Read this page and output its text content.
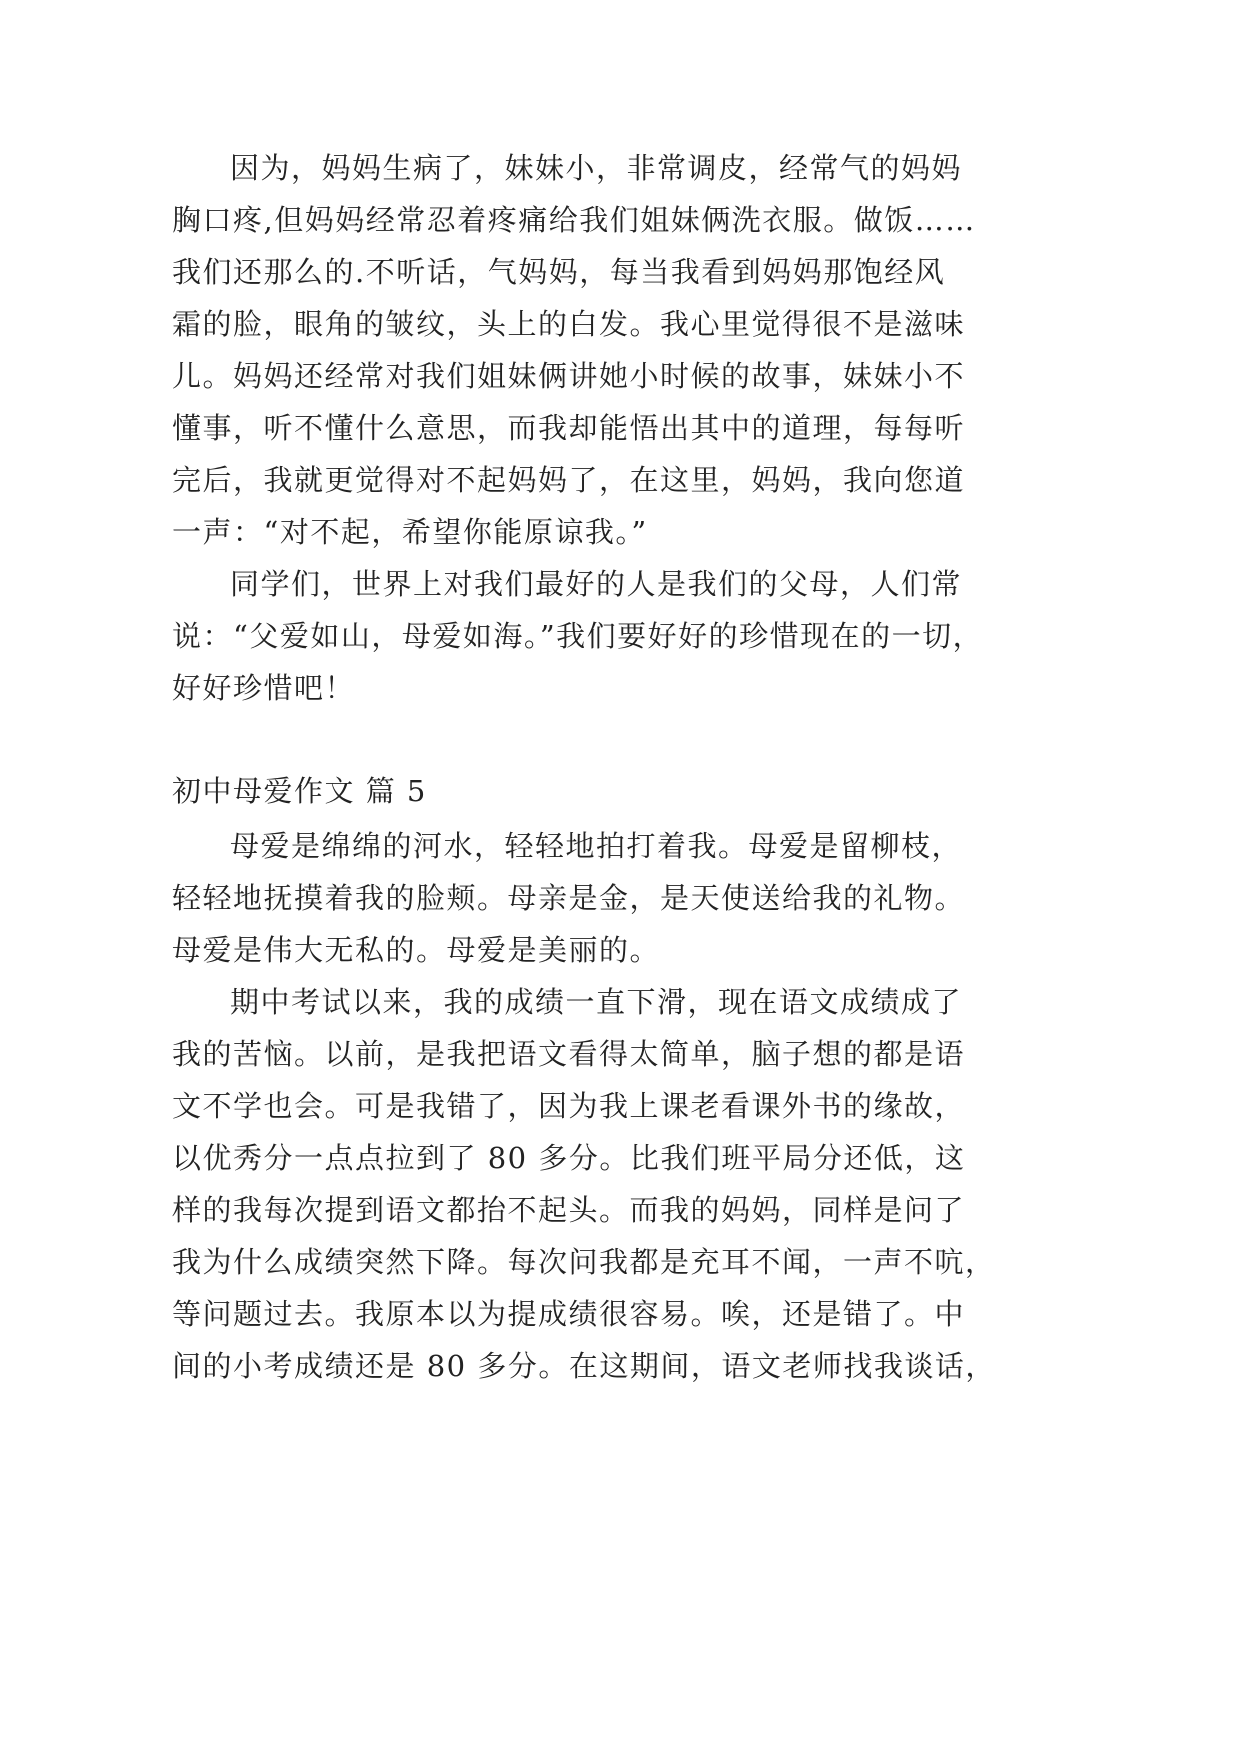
因为，妈妈生病了，妹妹小，非常调皮，经常气的妈妈
胸口疼,但妈妈经常忍着疼痛给我们姐妹俩洗衣服。做饭……
我们还那么的.不听话，气妈妈，每当我看到妈妈那饱经风
霜的脸，眼角的皱纹，头上的白发。我心里觉得很不是滋味
儿。妈妈还经常对我们姐妹俩讲她小时候的故事，妹妹小不
懂事，听不懂什么意思，而我却能悟出其中的道理，每每听
完后，我就更觉得对不起妈妈了，在这里，妈妈，我向您道
一声：“对不起，希望你能原谅我。”
同学们，世界上对我们最好的人是我们的父母，人们常
说：“父爱如山，母爱如海。”我们要好好的珍惜现在的一切，
好好珍惜吧！
初中母爱作文 篇 5
母爱是绵绵的河水，轻轻地拍打着我。母爱是留柳枝，
轻轻地抚摸着我的脸颊。母亲是金，是天使送给我的礼物。
母爱是伟大无私的。母爱是美丽的。
期中考试以来，我的成绩一直下滑，现在语文成绩成了
我的苦恼。以前，是我把语文看得太简单，脑子想的都是语
文不学也会。可是我错了，因为我上课老看课外书的缘故，
以优秀分一点点拉到了 80 多分。比我们班平局分还低，这
样的我每次提到语文都抬不起头。而我的妈妈，同样是问了
我为什么成绩突然下降。每次问我都是充耳不闻，一声不吭，
等问题过去。我原本以为提成绩很容易。唉，还是错了。中
间的小考成绩还是 80 多分。在这期间，语文老师找我谈话，
